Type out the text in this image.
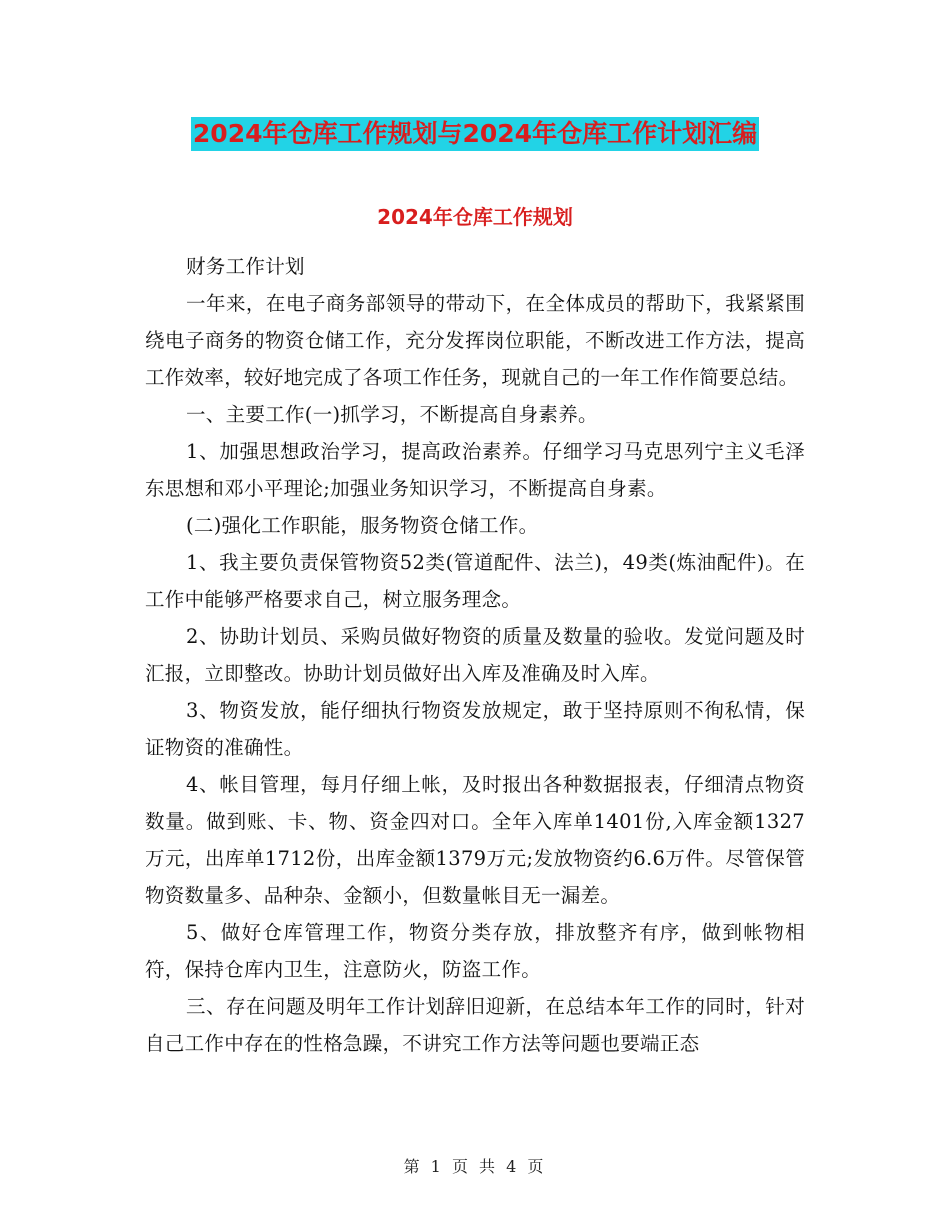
2024年仓库工作规划与2024年仓库工作计划汇编
2024年仓库工作规划

财务工作计划

一年来，在电子商务部领导的带动下，在全体成员的帮助下，我紧紧围绕电子商务的物资仓储工作，充分发挥岗位职能，不断改进工作方法，提高工作效率，较好地完成了各项工作任务，现就自己的一年工作作简要总结。

一、主要工作(一)抓学习，不断提高自身素养。

1、加强思想政治学习，提高政治素养。仔细学习马克思列宁主义毛泽东思想和邓小平理论;加强业务知识学习，不断提高自身素。

(二)强化工作职能，服务物资仓储工作。

1、我主要负责保管物资52类(管道配件、法兰)，49类(炼油配件)。在工作中能够严格要求自己，树立服务理念。

2、协助计划员、采购员做好物资的质量及数量的验收。发觉问题及时汇报，立即整改。协助计划员做好出入库及准确及时入库。

3、物资发放，能仔细执行物资发放规定，敢于坚持原则不徇私情，保证物资的准确性。

4、帐目管理，每月仔细上帐，及时报出各种数据报表，仔细清点物资数量。做到账、卡、物、资金四对口。全年入库单1401份,入库金额1327万元，出库单1712份，出库金额1379万元;发放物资约6.6万件。尽管保管物资数量多、品种杂、金额小，但数量帐目无一漏差。

5、做好仓库管理工作，物资分类存放，排放整齐有序，做到帐物相符，保持仓库内卫生，注意防火，防盗工作。

三、存在问题及明年工作计划辞旧迎新，在总结本年工作的同时，针对自己工作中存在的性格急躁，不讲究工作方法等问题也要端正态

第 1 页 共 4 页
